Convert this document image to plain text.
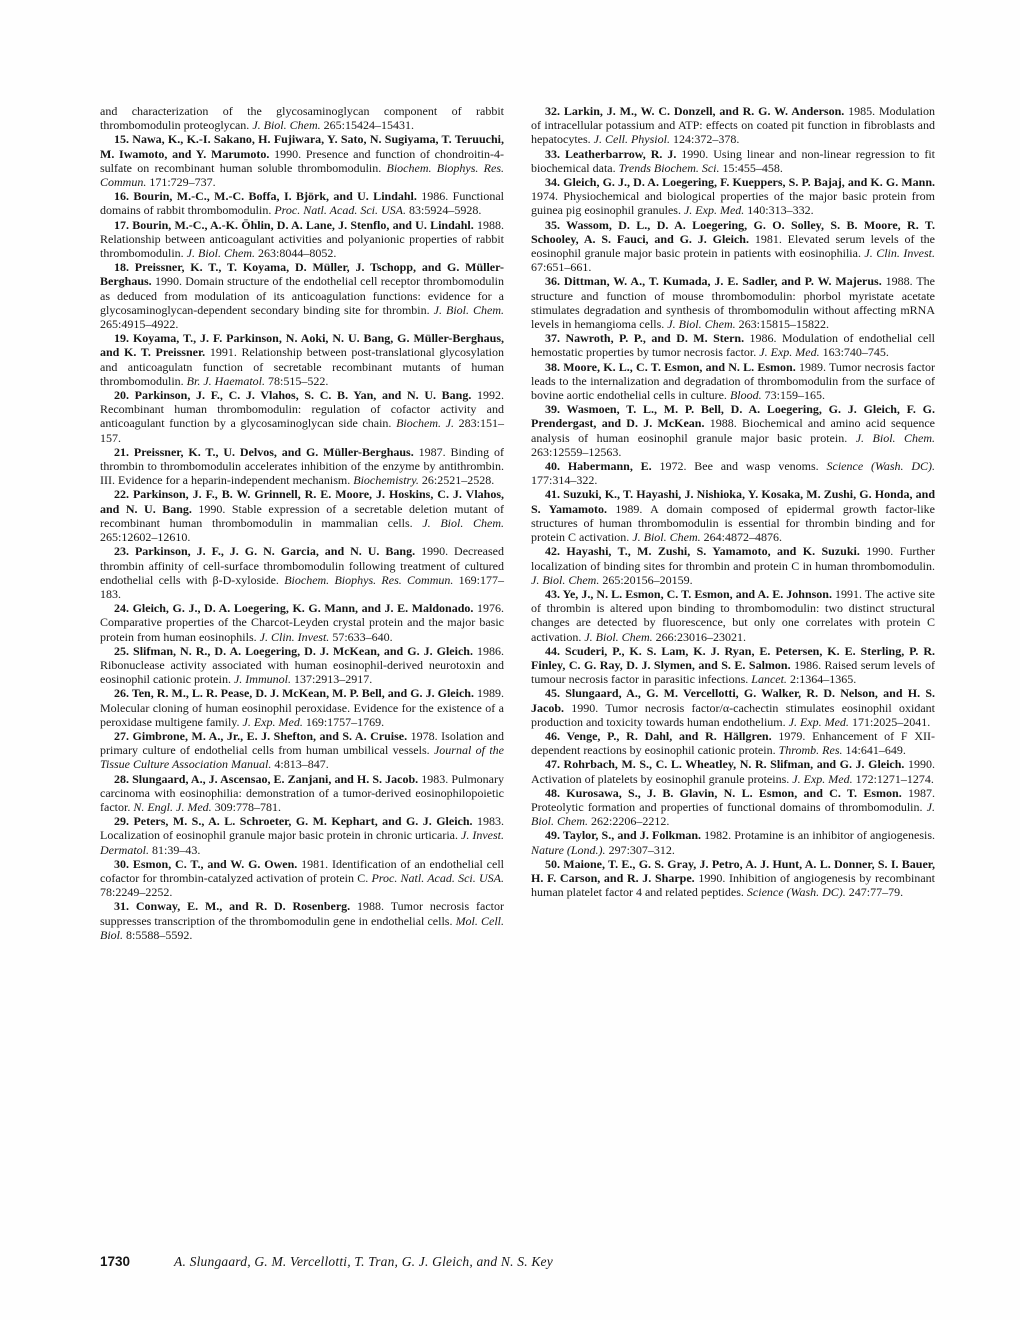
and characterization of the glycosaminoglycan component of rabbit thrombomodulin proteoglycan. J. Biol. Chem. 265:15424–15431.

15. Nawa, K., K.-I. Sakano, H. Fujiwara, Y. Sato, N. Sugiyama, T. Teruuchi, M. Iwamoto, and Y. Marumoto. 1990. Presence and function of chondroitin-4-sulfate on recombinant human soluble thrombomodulin. Biochem. Biophys. Res. Commun. 171:729–737.

16. Bourin, M.-C., M.-C. Boffa, I. Björk, and U. Lindahl. 1986. Functional domains of rabbit thrombomodulin. Proc. Natl. Acad. Sci. USA. 83:5924–5928.

17. Bourin, M.-C., A.-K. Öhlin, D. A. Lane, J. Stenflo, and U. Lindahl. 1988. Relationship between anticoagulant activities and polyanionic properties of rabbit thrombomodulin. J. Biol. Chem. 263:8044–8052.

18. Preissner, K. T., T. Koyama, D. Müller, J. Tschopp, and G. Müller-Berghaus. 1990. Domain structure of the endothelial cell receptor thrombomodulin as deduced from modulation of its anticoagulation functions: evidence for a glycosaminoglycan-dependent secondary binding site for thrombin. J. Biol. Chem. 265:4915–4922.

19. Koyama, T., J. F. Parkinson, N. Aoki, N. U. Bang, G. Müller-Berghaus, and K. T. Preissner. 1991. Relationship between post-translational glycosylation and anticoagulatn function of secretable recombinant mutants of human thrombomodulin. Br. J. Haematol. 78:515–522.

20. Parkinson, J. F., C. J. Vlahos, S. C. B. Yan, and N. U. Bang. 1992. Recombinant human thrombomodulin: regulation of cofactor activity and anticoagulant function by a glycosaminoglycan side chain. Biochem. J. 283:151–157.

21. Preissner, K. T., U. Delvos, and G. Müller-Berghaus. 1987. Binding of thrombin to thrombomodulin accelerates inhibition of the enzyme by antithrombin. III. Evidence for a heparin-independent mechanism. Biochemistry. 26:2521–2528.

22. Parkinson, J. F., B. W. Grinnell, R. E. Moore, J. Hoskins, C. J. Vlahos, and N. U. Bang. 1990. Stable expression of a secretable deletion mutant of recombinant human thrombomodulin in mammalian cells. J. Biol. Chem. 265:12602–12610.

23. Parkinson, J. F., J. G. N. Garcia, and N. U. Bang. 1990. Decreased thrombin affinity of cell-surface thrombomodulin following treatment of cultured endothelial cells with β-D-xyloside. Biochem. Biophys. Res. Commun. 169:177–183.

24. Gleich, G. J., D. A. Loegering, K. G. Mann, and J. E. Maldonado. 1976. Comparative properties of the Charcot-Leyden crystal protein and the major basic protein from human eosinophils. J. Clin. Invest. 57:633–640.

25. Slifman, N. R., D. A. Loegering, D. J. McKean, and G. J. Gleich. 1986. Ribonuclease activity associated with human eosinophil-derived neurotoxin and eosinophil cationic protein. J. Immunol. 137:2913–2917.

26. Ten, R. M., L. R. Pease, D. J. McKean, M. P. Bell, and G. J. Gleich. 1989. Molecular cloning of human eosinophil peroxidase. Evidence for the existence of a peroxidase multigene family. J. Exp. Med. 169:1757–1769.

27. Gimbrone, M. A., Jr., E. J. Shefton, and S. A. Cruise. 1978. Isolation and primary culture of endothelial cells from human umbilical vessels. Journal of the Tissue Culture Association Manual. 4:813–847.

28. Slungaard, A., J. Ascensao, E. Zanjani, and H. S. Jacob. 1983. Pulmonary carcinoma with eosinophilia: demonstration of a tumor-derived eosinophilopoietic factor. N. Engl. J. Med. 309:778–781.

29. Peters, M. S., A. L. Schroeter, G. M. Kephart, and G. J. Gleich. 1983. Localization of eosinophil granule major basic protein in chronic urticaria. J. Invest. Dermatol. 81:39–43.

30. Esmon, C. T., and W. G. Owen. 1981. Identification of an endothelial cell cofactor for thrombin-catalyzed activation of protein C. Proc. Natl. Acad. Sci. USA. 78:2249–2252.

31. Conway, E. M., and R. D. Rosenberg. 1988. Tumor necrosis factor suppresses transcription of the thrombomodulin gene in endothelial cells. Mol. Cell. Biol. 8:5588–5592.

32. Larkin, J. M., W. C. Donzell, and R. G. W. Anderson. 1985. Modulation of intracellular potassium and ATP: effects on coated pit function in fibroblasts and hepatocytes. J. Cell. Physiol. 124:372–378.

33. Leatherbarrow, R. J. 1990. Using linear and non-linear regression to fit biochemical data. Trends Biochem. Sci. 15:455–458.

34. Gleich, G. J., D. A. Loegering, F. Kueppers, S. P. Bajaj, and K. G. Mann. 1974. Physiochemical and biological properties of the major basic protein from guinea pig eosinophil granules. J. Exp. Med. 140:313–332.

35. Wassom, D. L., D. A. Loegering, G. O. Solley, S. B. Moore, R. T. Schooley, A. S. Fauci, and G. J. Gleich. 1981. Elevated serum levels of the eosinophil granule major basic protein in patients with eosinophilia. J. Clin. Invest. 67:651–661.

36. Dittman, W. A., T. Kumada, J. E. Sadler, and P. W. Majerus. 1988. The structure and function of mouse thrombomodulin: phorbol myristate acetate stimulates degradation and synthesis of thrombomodulin without affecting mRNA levels in hemangioma cells. J. Biol. Chem. 263:15815–15822.

37. Nawroth, P. P., and D. M. Stern. 1986. Modulation of endothelial cell hemostatic properties by tumor necrosis factor. J. Exp. Med. 163:740–745.

38. Moore, K. L., C. T. Esmon, and N. L. Esmon. 1989. Tumor necrosis factor leads to the internalization and degradation of thrombomodulin from the surface of bovine aortic endothelial cells in culture. Blood. 73:159–165.

39. Wasmoen, T. L., M. P. Bell, D. A. Loegering, G. J. Gleich, F. G. Prendergast, and D. J. McKean. 1988. Biochemical and amino acid sequence analysis of human eosinophil granule major basic protein. J. Biol. Chem. 263:12559–12563.

40. Habermann, E. 1972. Bee and wasp venoms. Science (Wash. DC). 177:314–322.

41. Suzuki, K., T. Hayashi, J. Nishioka, Y. Kosaka, M. Zushi, G. Honda, and S. Yamamoto. 1989. A domain composed of epidermal growth factor-like structures of human thrombomodulin is essential for thrombin binding and for protein C activation. J. Biol. Chem. 264:4872–4876.

42. Hayashi, T., M. Zushi, S. Yamamoto, and K. Suzuki. 1990. Further localization of binding sites for thrombin and protein C in human thrombomodulin. J. Biol. Chem. 265:20156–20159.

43. Ye, J., N. L. Esmon, C. T. Esmon, and A. E. Johnson. 1991. The active site of thrombin is altered upon binding to thrombomodulin: two distinct structural changes are detected by fluorescence, but only one correlates with protein C activation. J. Biol. Chem. 266:23016–23021.

44. Scuderi, P., K. S. Lam, K. J. Ryan, E. Petersen, K. E. Sterling, P. R. Finley, C. G. Ray, D. J. Slymen, and S. E. Salmon. 1986. Raised serum levels of tumour necrosis factor in parasitic infections. Lancet. 2:1364–1365.

45. Slungaard, A., G. M. Vercellotti, G. Walker, R. D. Nelson, and H. S. Jacob. 1990. Tumor necrosis factor/α-cachectin stimulates eosinophil oxidant production and toxicity towards human endothelium. J. Exp. Med. 171:2025–2041.

46. Venge, P., R. Dahl, and R. Hällgren. 1979. Enhancement of F XII-dependent reactions by eosinophil cationic protein. Thromb. Res. 14:641–649.

47. Rohrbach, M. S., C. L. Wheatley, N. R. Slifman, and G. J. Gleich. 1990. Activation of platelets by eosinophil granule proteins. J. Exp. Med. 172:1271–1274.

48. Kurosawa, S., J. B. Glavin, N. L. Esmon, and C. T. Esmon. 1987. Proteolytic formation and properties of functional domains of thrombomodulin. J. Biol. Chem. 262:2206–2212.

49. Taylor, S., and J. Folkman. 1982. Protamine is an inhibitor of angiogenesis. Nature (Lond.). 297:307–312.

50. Maione, T. E., G. S. Gray, J. Petro, A. J. Hunt, A. L. Donner, S. I. Bauer, H. F. Carson, and R. J. Sharpe. 1990. Inhibition of angiogenesis by recombinant human platelet factor 4 and related peptides. Science (Wash. DC). 247:77–79.

1730	A. Slungaard, G. M. Vercellotti, T. Tran, G. J. Gleich, and N. S. Key
